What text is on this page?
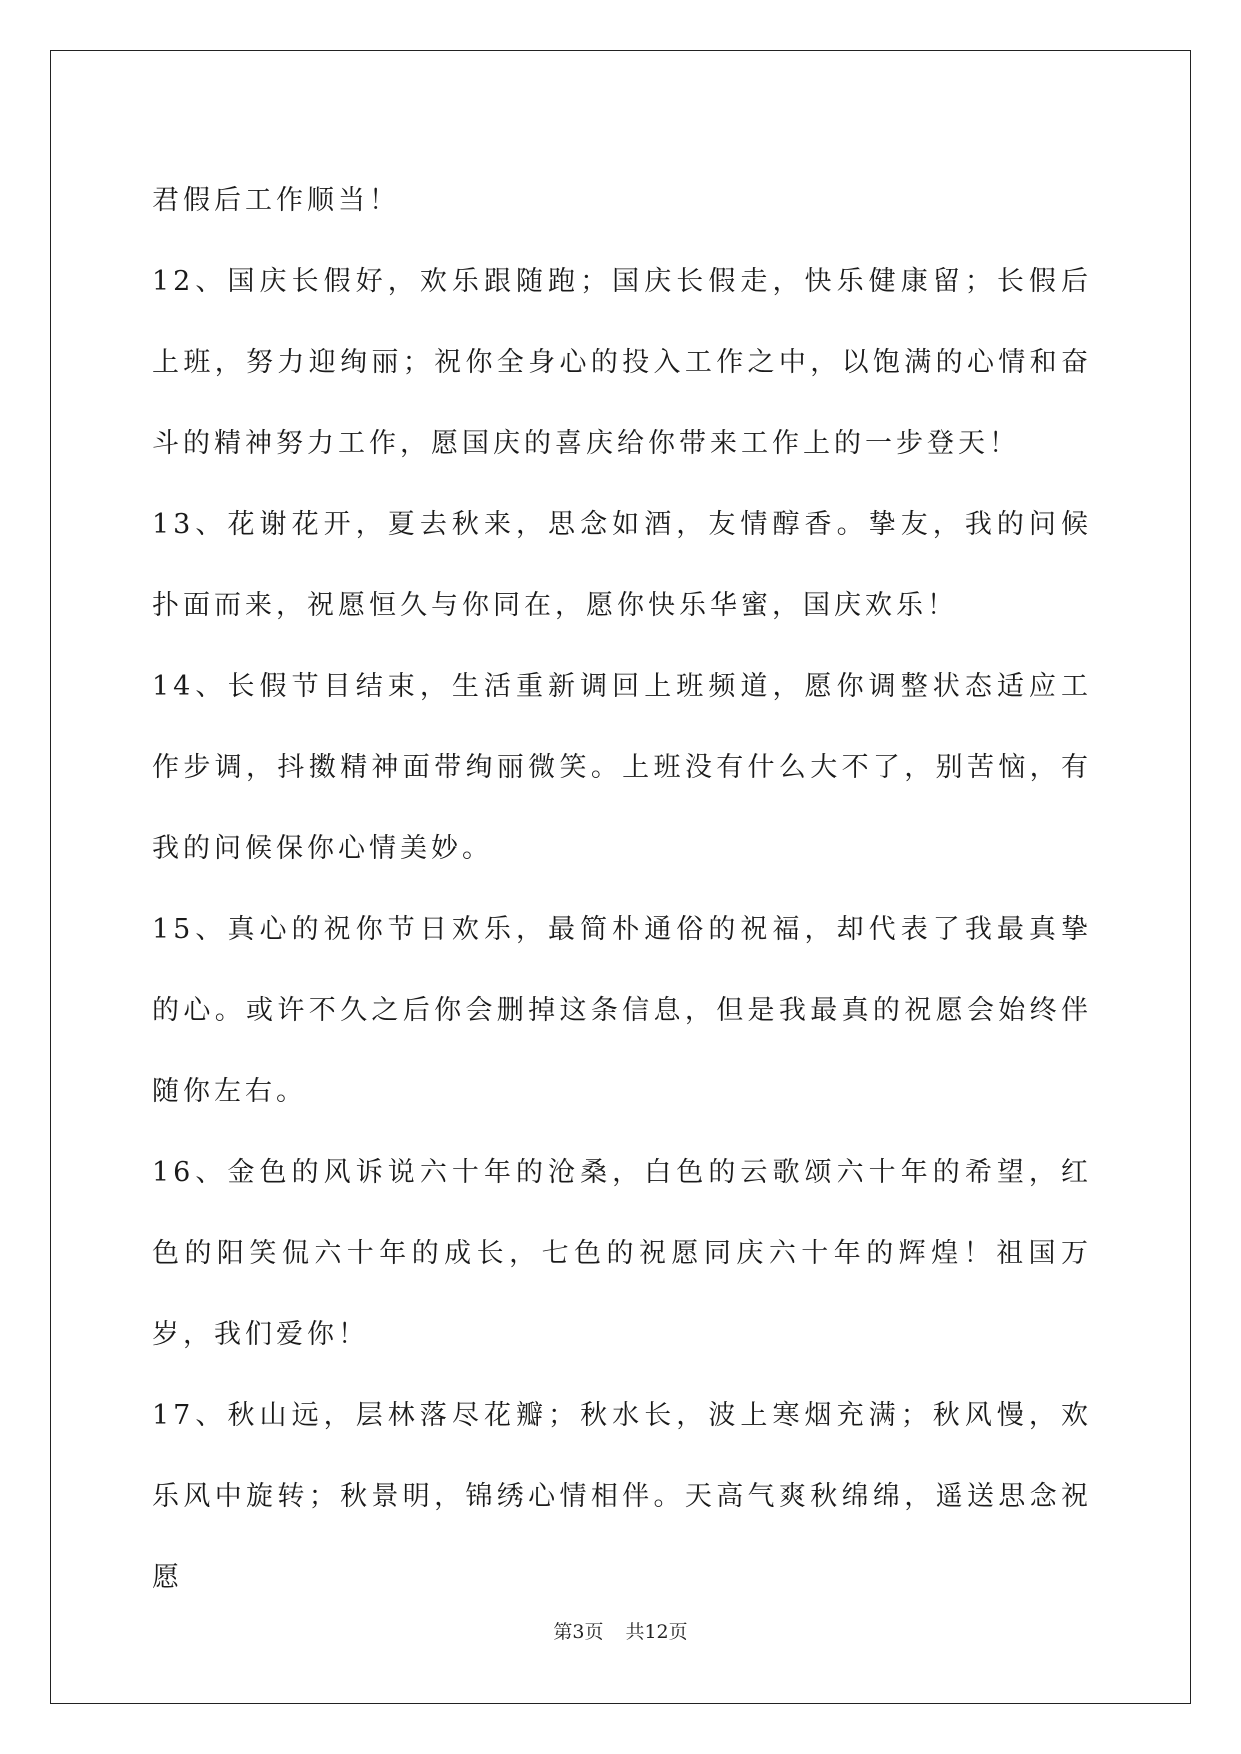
君假后工作顺当！

12、国庆长假好，欢乐跟随跑；国庆长假走，快乐健康留；长假后上班，努力迎绚丽；祝你全身心的投入工作之中，以饱满的心情和奋斗的精神努力工作，愿国庆的喜庆给你带来工作上的一步登天！

13、花谢花开，夏去秋来，思念如酒，友情醇香。挚友，我的问候扑面而来，祝愿恒久与你同在，愿你快乐华蜜，国庆欢乐！

14、长假节目结束，生活重新调回上班频道，愿你调整状态适应工作步调，抖擞精神面带绚丽微笑。上班没有什么大不了，别苦恼，有我的问候保你心情美妙。

15、真心的祝你节日欢乐，最简朴通俗的祝福，却代表了我最真挚的心。或许不久之后你会删掉这条信息，但是我最真的祝愿会始终伴随你左右。

16、金色的风诉说六十年的沧桑，白色的云歌颂六十年的希望，红色的阳笑侃六十年的成长，七色的祝愿同庆六十年的辉煌！祖国万岁，我们爱你！

17、秋山远，层林落尽花瓣；秋水长，波上寒烟充满；秋风慢，欢乐风中旋转；秋景明，锦绣心情相伴。天高气爽秋绵绵，遥送思念祝愿

第3页 共12页
